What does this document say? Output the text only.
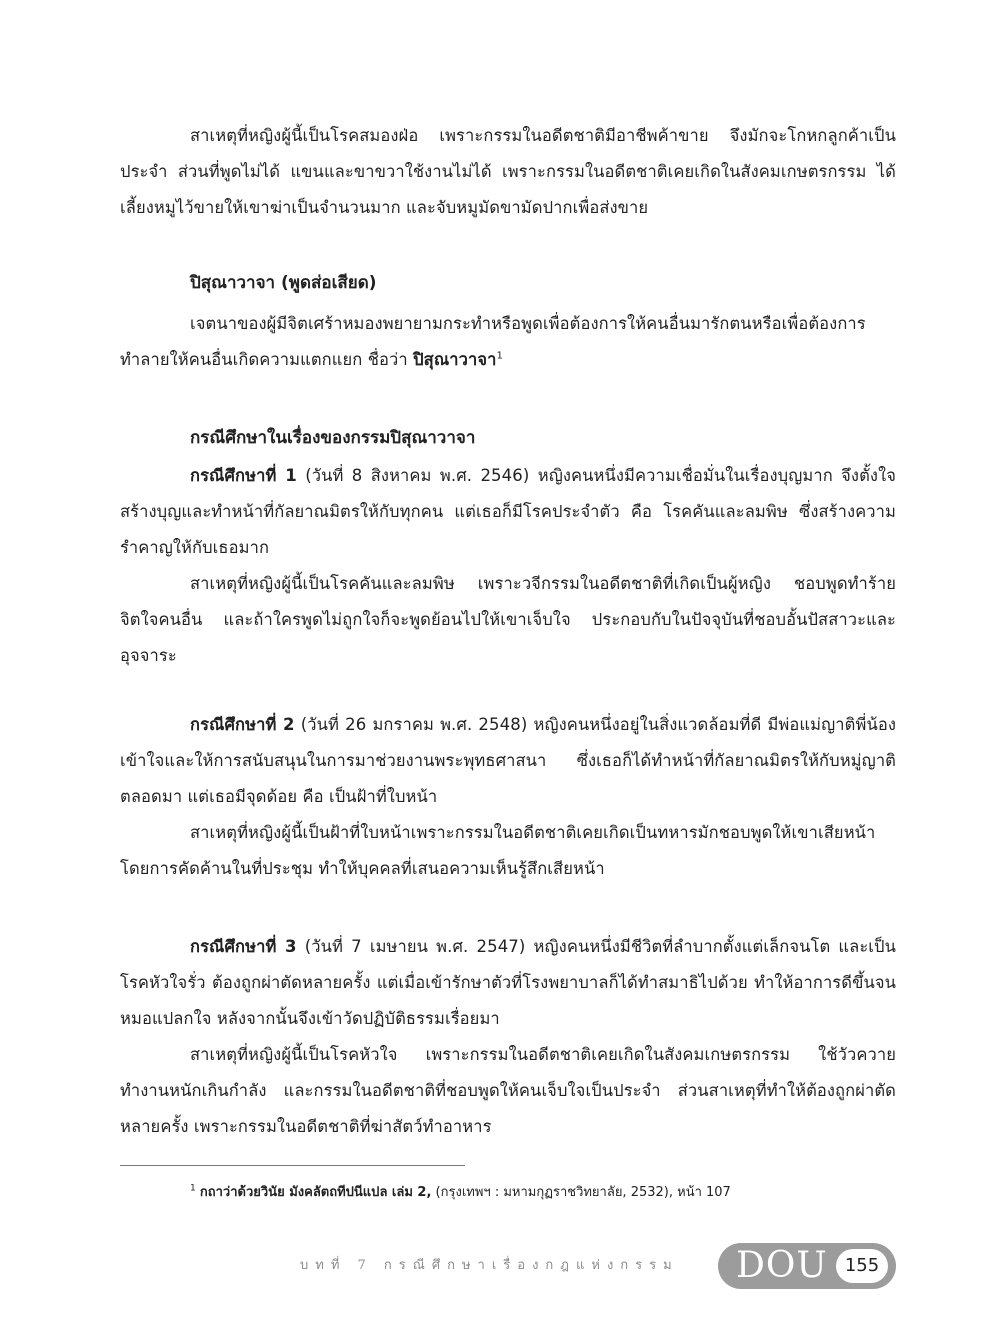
สาเหตุที่หญิงผู้นี้เป็นโรคสมองฝ่อ เพราะกรรมในอดีตชาติมีอาชีพค้าขาย จึงมักจะโกหกลูกค้าเป็นประจำ ส่วนที่พูดไม่ได้ แขนและขาขวาใช้งานไม่ได้ เพราะกรรมในอดีตชาติเคยเกิดในสังคมเกษตรกรรม ได้เลี้ยงหมูไว้ขายให้เขาฆ่าเป็นจำนวนมาก และจับหมูมัดขามัดปากเพื่อส่งขาย

ปิสุณาวาจา (พูดส่อเสียด)

เจตนาของผู้มีจิตเศร้าหมองพยายามกระทำหรือพูดเพื่อต้องการให้คนอื่นมารักตนหรือเพื่อต้องการทำลายให้คนอื่นเกิดความแตกแยก ชื่อว่า ปิสุณาวาจา$^1$

กรณีศึกษาในเรื่องของกรรมปิสุณาวาจา

กรณีศึกษาที่ 1 (วันที่ 8 สิงหาคม พ.ศ. 2546) หญิงคนหนึ่งมีความเชื่อมั่นในเรื่องบุญมาก จึงตั้งใจสร้างบุญและทำหน้าที่กัลยาณมิตรให้กับทุกคน แต่เธอก็มีโรคประจำตัว คือ โรคคันและลมพิษ ซึ่งสร้างความรำคาญให้กับเธอมาก

สาเหตุที่หญิงผู้นี้เป็นโรคคันและลมพิษ เพราะวจีกรรมในอดีตชาติที่เกิดเป็นผู้หญิง ชอบพูดทำร้ายจิตใจคนอื่น และถ้าใครพูดไม่ถูกใจก็จะพูดย้อนไปให้เขาเจ็บใจ ประกอบกับในปัจจุบันที่ชอบอั้นปัสสาวะและอุจจาระ

กรณีศึกษาที่ 2 (วันที่ 26 มกราคม พ.ศ. 2548) หญิงคนหนึ่งอยู่ในสิ่งแวดล้อมที่ดี มีพ่อแม่ญาติพี่น้องเข้าใจและให้การสนับสนุนในการมาช่วยงานพระพุทธศาสนา ซึ่งเธอก็ได้ทำหน้าที่กัลยาณมิตรให้กับหมู่ญาติตลอดมา แต่เธอมีจุดด้อย คือ เป็นฝ้าที่ใบหน้า

สาเหตุที่หญิงผู้นี้เป็นฝ้าที่ใบหน้าเพราะกรรมในอดีตชาติเคยเกิดเป็นทหารมักชอบพูดให้เขาเสียหน้าโดยการคัดค้านในที่ประชุม ทำให้บุคคลที่เสนอความเห็นรู้สึกเสียหน้า

กรณีศึกษาที่ 3 (วันที่ 7 เมษายน พ.ศ. 2547) หญิงคนหนึ่งมีชีวิตที่ลำบากตั้งแต่เล็กจนโต และเป็นโรคหัวใจรั่ว ต้องถูกผ่าตัดหลายครั้ง แต่เมื่อเข้ารักษาตัวที่โรงพยาบาลก็ได้ทำสมาธิไปด้วย ทำให้อาการดีขึ้นจนหมอแปลกใจ หลังจากนั้นจึงเข้าวัดปฏิบัติธรรมเรื่อยมา

สาเหตุที่หญิงผู้นี้เป็นโรคหัวใจ เพราะกรรมในอดีตชาติเคยเกิดในสังคมเกษตรกรรม ใช้วัวควายทำงานหนักเกินกำลัง และกรรมในอดีตชาติที่ชอบพูดให้คนเจ็บใจเป็นประจำ ส่วนสาเหตุที่ทำให้ต้องถูกผ่าตัดหลายครั้ง เพราะกรรมในอดีตชาติที่ฆ่าสัตว์ทำอาหาร

$^1$ กถาว่าด้วยวินัย มังคลัตถทีปนีแปล เล่ม 2, (กรุงเทพฯ : มหามกุฏราชวิทยาลัย, 2532), หน้า 107
บทที่ 7 กรณีศึกษาเรื่องกฎแห่งกรรม	DOU 155
